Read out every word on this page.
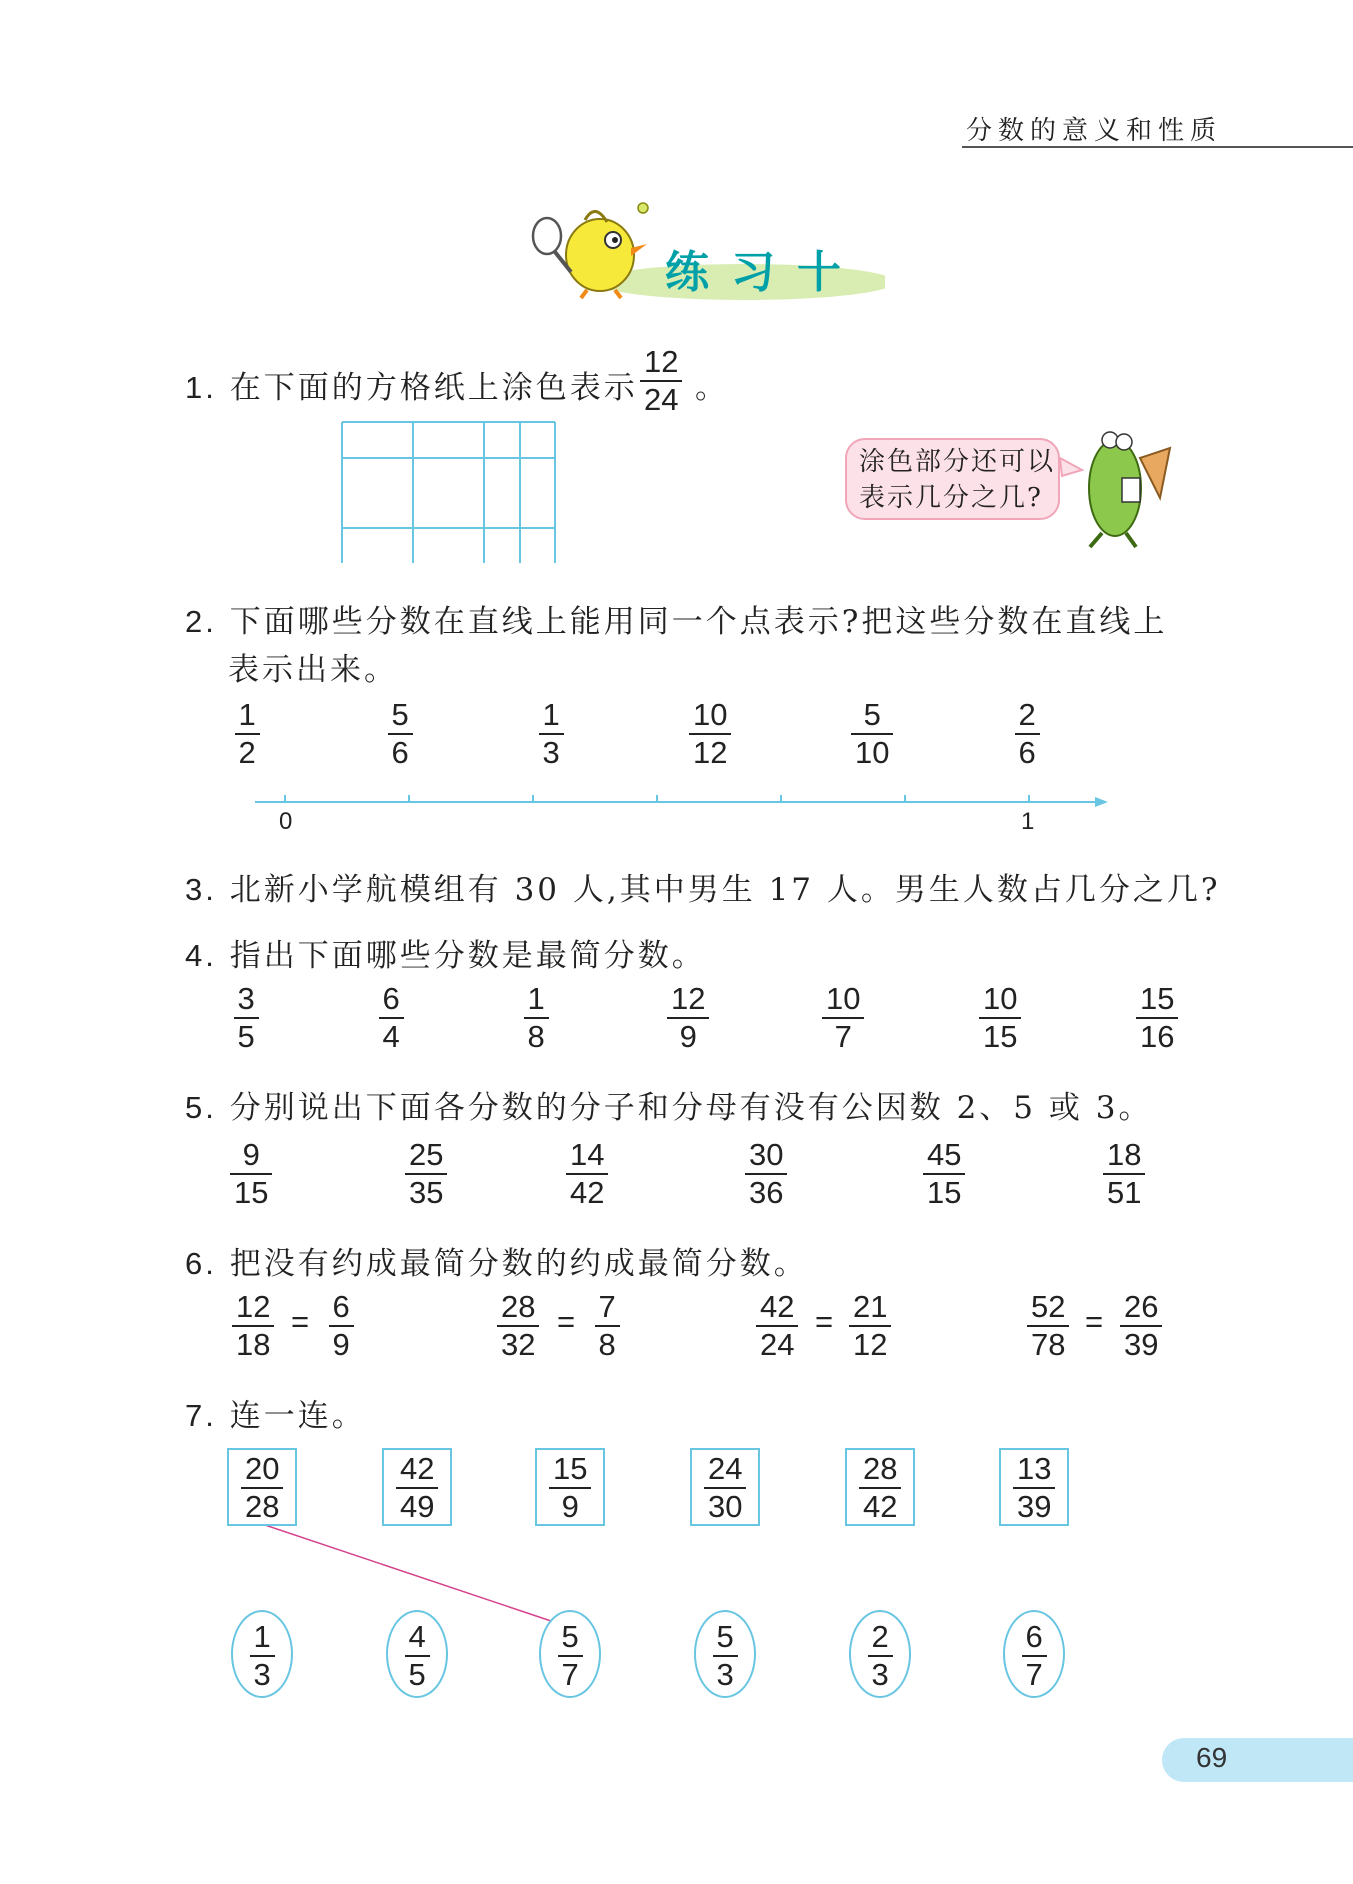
分数的意义和性质
练习十
1. 在下面的方格纸上涂色表示
12
24 。
涂色部分还可以
表示几分之几?
2. 下面哪些分数在直线上能用同一个点表示?把这些分数在直线上
表示出来。
1
2
5
6
1
3
10
12
5
10
2
6
0	1
3. 北新小学航模组有 30 人,其中男生 17 人。男生人数占几分之几?
4. 指出下面哪些分数是最简分数。
3
5
6
4
1
8
12
9
10
7
10
15
15
16
5. 分别说出下面各分数的分子和分母有没有公因数 2、5 或 3。
9
15
25
35
14
42
30
36
45
15
18
51
6. 把没有约成最简分数的约成最简分数。
12
18
= 6
9
28
32
= 7
8
42
24
= 21
12
52
78
= 26
39
7. 连一连。
20
28
42
49
15
9
24
30
28
42
13
39
1
3
4
5
5
7
5
3
2
3
6
7
69
